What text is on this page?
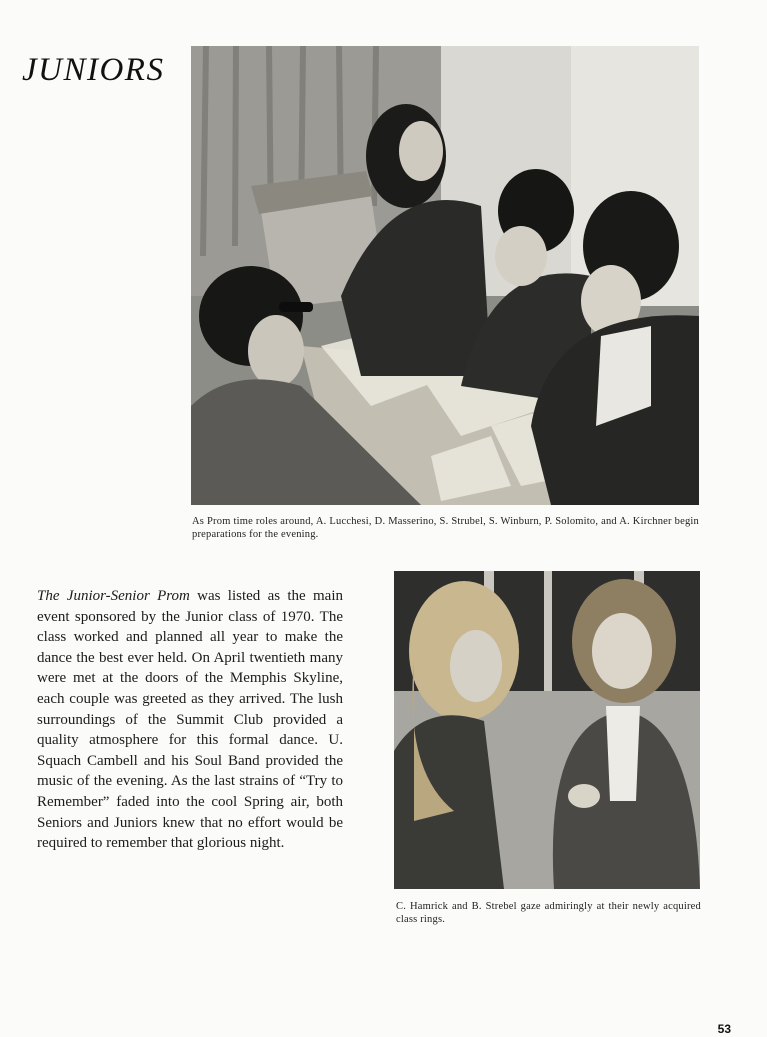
JUNIORS

As Prom time roles around, A. Lucchesi, D. Masserino, S. Strubel, S. Winburn, P. Solomito, and A. Kirchner begin preparations for the evening.

The Junior-Senior Prom was listed as the main event sponsored by the Junior class of 1970. The class worked and planned all year to make the dance the best ever held. On April twentieth many were met at the doors of the Memphis Skyline, each couple was greeted as they arrived. The lush surroundings of the Summit Club provided a quality atmosphere for this formal dance. U. Squach Cambell and his Soul Band provided the music of the evening. As the last strains of “Try to Remember” faded into the cool Spring air, both Seniors and Juniors knew that no effort would be required to remember that glorious night.

C. Hamrick and B. Strebel gaze admiringly at their newly acquired class rings.

53
